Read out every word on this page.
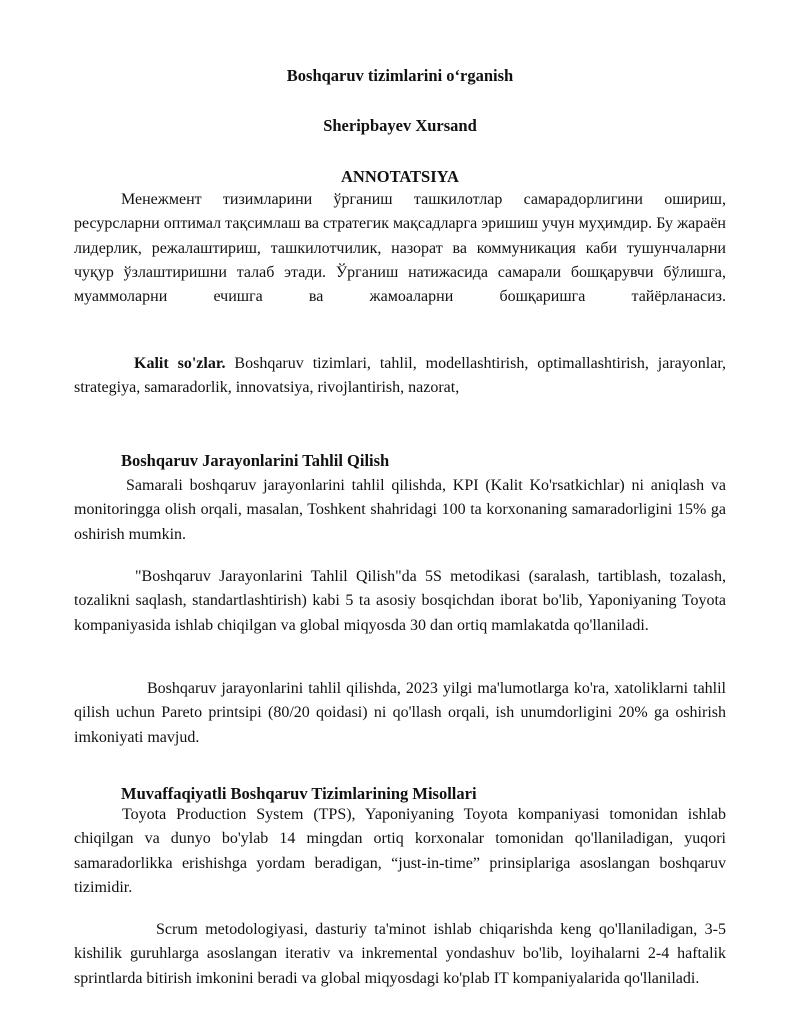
Boshqaruv tizimlarini o‘rganish
Sheripbayev Xursand
ANNOTATSIYA
Менежмент тизимларини ўрганиш ташкилотлар самарадорлигини ошириш, ресурсларни оптимал тақсимлаш ва стратегик мақсадларга эришиш учун муҳимдир. Бу жараён лидерлик, режалаштириш, ташкилотчилик, назорат ва коммуникация каби тушунчаларни чуқур ўзлаштиришни талаб этади. Ўрганиш натижасида самарали бошқарувчи бўлишга, муаммоларни ечишга ва жамоаларни бошқаришга тайёрланасиз.
Kalit so'zlar. Boshqaruv tizimlari, tahlil, modellashtirish, optimallashtirish, jarayonlar, strategiya, samaradorlik, innovatsiya, rivojlantirish, nazorat,
Boshqaruv Jarayonlarini Tahlil Qilish
Samarali boshqaruv jarayonlarini tahlil qilishda, KPI (Kalit Ko'rsatkichlar) ni aniqlash va monitoringga olish orqali, masalan, Toshkent shahridagi 100 ta korxonaning samaradorligini 15% ga oshirish mumkin.
"Boshqaruv Jarayonlarini Tahlil Qilish"da 5S metodikasi (saralash, tartiblash, tozalash, tozalikni saqlash, standartlashtirish) kabi 5 ta asosiy bosqichdan iborat bo'lib, Yaponiyaning Toyota kompaniyasida ishlab chiqilgan va global miqyosda 30 dan ortiq mamlakatda qo'llaniladi.
Boshqaruv jarayonlarini tahlil qilishda, 2023 yilgi ma'lumotlarga ko'ra, xatoliklarni tahlil qilish uchun Pareto printsipi (80/20 qoidasi) ni qo'llash orqali, ish unumdorligini 20% ga oshirish imkoniyati mavjud.
Muvaffaqiyatli Boshqaruv Tizimlarining Misollari
Toyota Production System (TPS), Yaponiyaning Toyota kompaniyasi tomonidan ishlab chiqilgan va dunyo bo'ylab 14 mingdan ortiq korxonalar tomonidan qo'llaniladigan, yuqori samaradorlikka erishishga yordam beradigan, “just-in-time” prinsiplariga asoslangan boshqaruv tizimidir.
Scrum metodologiyasi, dasturiy ta'minot ishlab chiqarishda keng qo'llaniladigan, 3-5 kishilik guruhlarga asoslangan iterativ va inkremental yondashuv bo'lib, loyihalarni 2-4 haftalik sprintlarda bitirish imkonini beradi va global miqyosdagi ko'plab IT kompaniyalarida qo'llaniladi.
